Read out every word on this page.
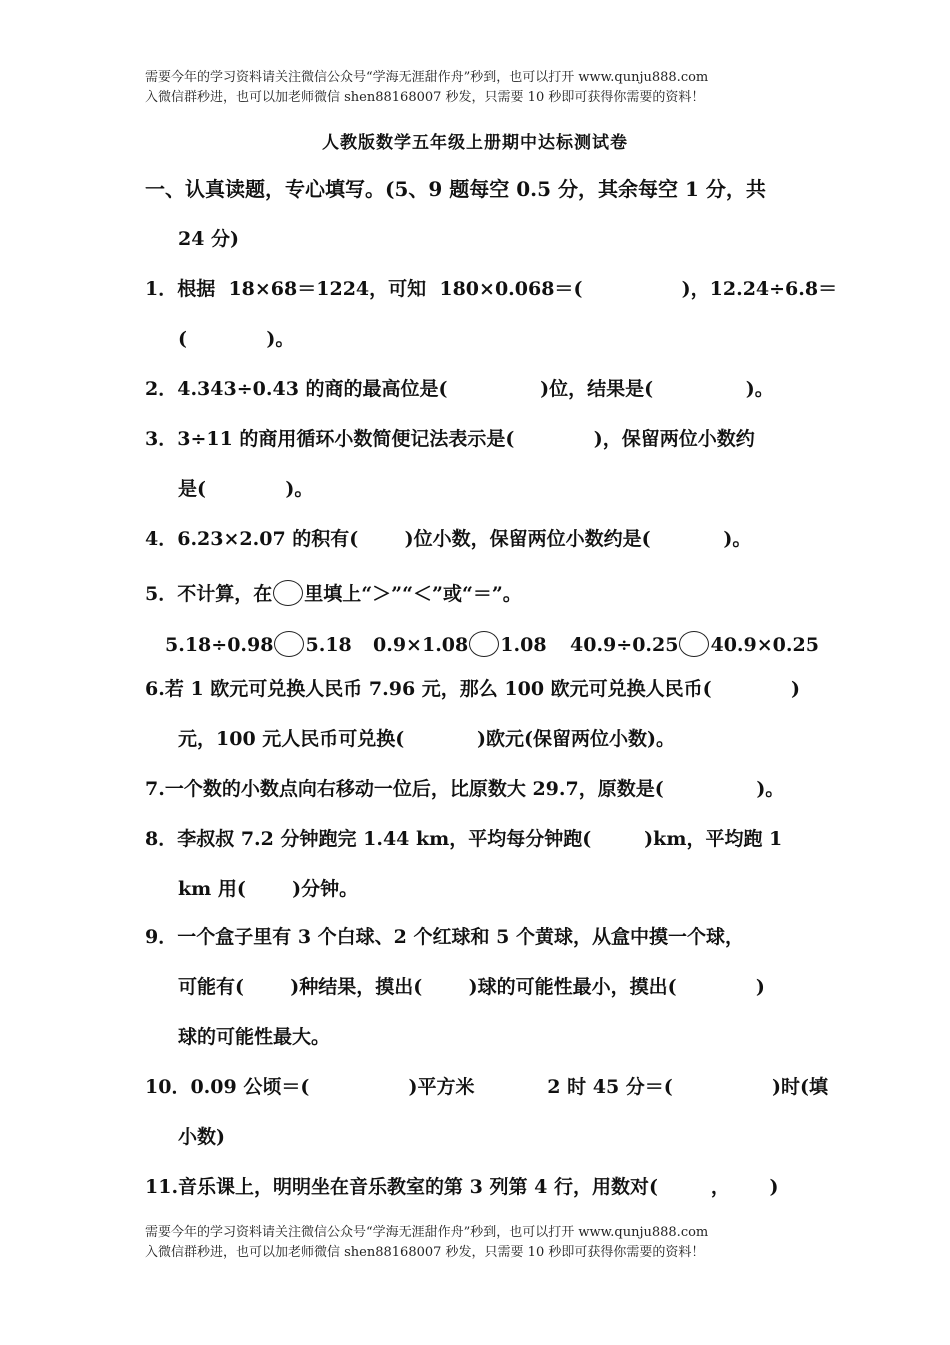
需要今年的学习资料请关注微信公众号“学海无涯甜作舟”秒到，也可以打开 www.qunju888.com
入微信群秒进，也可以加老师微信 shen88168007 秒发，只需要 10 秒即可获得你需要的资料！
人教版数学五年级上册期中达标测试卷
一、认真读题，专心填写。(5、9 题每空 0.5 分，其余每空 1 分，共
24 分)
1．根据  18×68＝1224，可知  180×0.068＝(               )，12.24÷6.8＝
(            )。
2．4.343÷0.43 的商的最高位是(              )位，结果是(              )。
3．3÷11 的商用循环小数简便记法表示是(            )，保留两位小数约
是(            )。
4．6.23×2.07 的积有(       )位小数，保留两位小数约是(           )。
5．不计算，在 里填上“＞”“＜”或“＝”。
5.18÷0.98 5.18 0.9×1.08 1.08 40.9÷0.25 40.9×0.25
6.若 1 欧元可兑换人民币 7.96 元，那么 100 欧元可兑换人民币(            )
元，100 元人民币可兑换(           )欧元(保留两位小数)。
7.一个数的小数点向右移动一位后，比原数大 29.7，原数是(              )。
8．李叔叔 7.2 分钟跑完 1.44 km，平均每分钟跑(        )km，平均跑 1
km 用(       )分钟。
9．一个盒子里有 3 个白球、2 个红球和 5 个黄球，从盒中摸一个球，
可能有(       )种结果，摸出(       )球的可能性最小，摸出(            )
球的可能性最大。
10．0.09 公顷＝(               )平方米           2 时 45 分＝(               )时(填
小数)
11.音乐课上，明明坐在音乐教室的第 3 列第 4 行，用数对(        ，      )
需要今年的学习资料请关注微信公众号“学海无涯甜作舟”秒到，也可以打开 www.qunju888.com
入微信群秒进，也可以加老师微信 shen88168007 秒发，只需要 10 秒即可获得你需要的资料！
